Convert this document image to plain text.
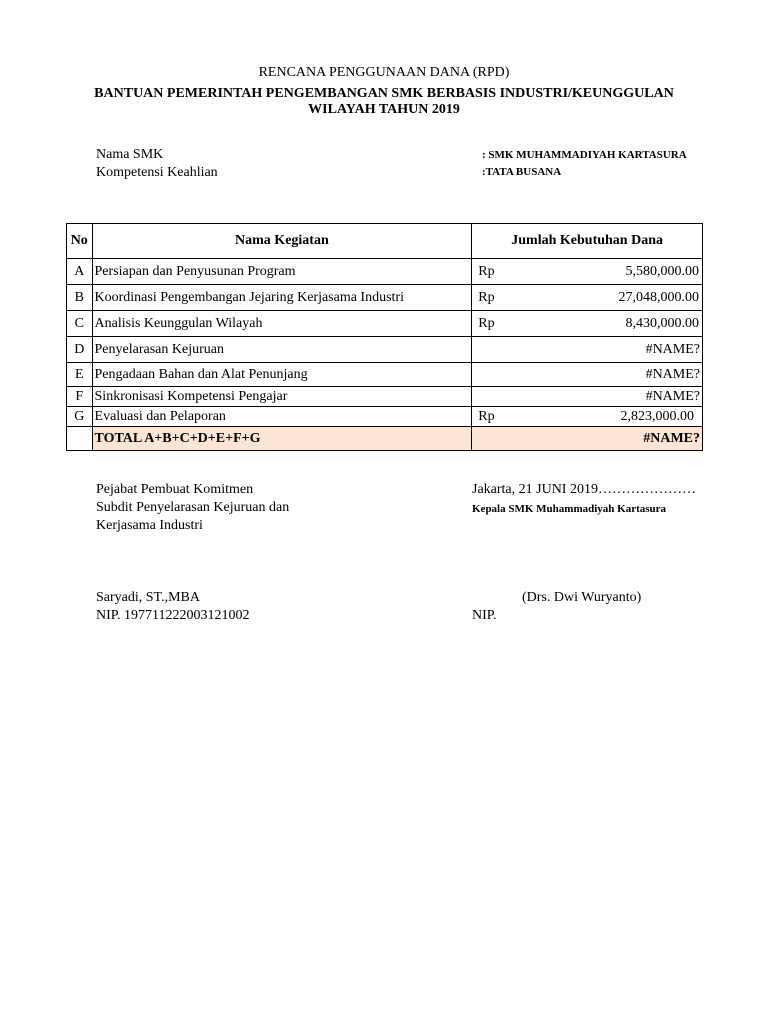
RENCANA PENGGUNAAN DANA (RPD)
BANTUAN PEMERINTAH PENGEMBANGAN SMK BERBASIS INDUSTRI/KEUNGGULAN
WILAYAH TAHUN 2019
Nama SMK	: SMK MUHAMMADIYAH KARTASURA
Kompetensi Keahlian	:TATA BUSANA
No	Nama Kegiatan	Jumlah Kebutuhan Dana
A	Persiapan dan Penyusunan Program	Rp 5,580,000.00

B	Koordinasi Pengembangan Jejaring Kerjasama Industri	Rp 27,048,000.00

C	Analisis Keunggulan Wilayah	Rp 8,430,000.00

D	Penyelarasan Kejuruan	#NAME?
E	Pengadaan Bahan dan Alat Penunjang	#NAME?
F	Sinkronisasi Kompetensi Pengajar	#NAME?
G	Evaluasi dan Pelaporan	Rp 2,823,000.00

	TOTAL A+B+C+D+E+F+G	#NAME?
Pejabat Pembuat Komitmen
Subdit Penyelarasan Kejuruan dan
Kerjasama Industri
Saryadi, ST.,MBA
NIP. 197711222003121002
Jakarta, 21 JUNI 2019…………………
Kepala SMK Muhammadiyah Kartasura
(Drs. Dwi Wuryanto)
NIP.
